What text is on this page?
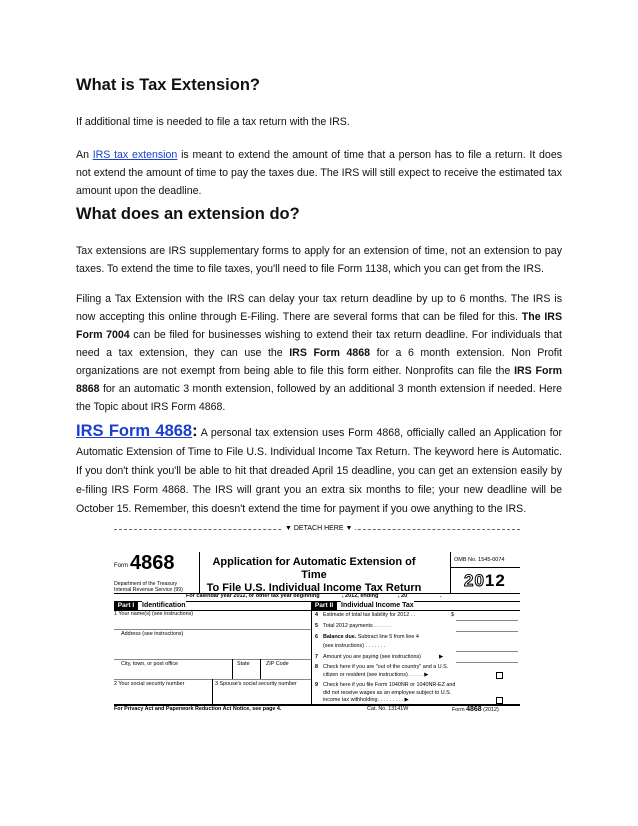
What is Tax Extension?

If additional time is needed to file a tax return with the IRS.

An IRS tax extension is meant to extend the amount of time that a person has to file a return. It does not extend the amount of time to pay the taxes due. The IRS will still expect to receive the estimated tax amount upon the deadline.

What does an extension do?

Tax extensions are IRS supplementary forms to apply for an extension of time, not an extension to pay taxes. To extend the time to file taxes, you'll need to file Form 1138, which you can get from the IRS.

Filing a Tax Extension with the IRS can delay your tax return deadline by up to 6 months. The IRS is now accepting this online through E-Filing. There are several forms that can be filed for this. The IRS Form 7004 can be filed for businesses wishing to extend their tax return deadline. For individuals that need a tax extension, they can use the IRS Form 4868 for a 6 month extension. Non Profit organizations are not exempt from being able to file this form either. Nonprofits can file the IRS Form 8868 for an automatic 3 month extension, followed by an additional 3 month extension if needed. Here the Topic about IRS Form 4868.

IRS Form 4868: A personal tax extension uses Form 4868, officially called an Application for Automatic Extension of Time to File U.S. Individual Income Tax Return. The keyword here is Automatic. If you don't think you'll be able to hit that dreaded April 15 deadline, you can get an extension easily by e-filing IRS Form 4868. The IRS will grant you an extra six months to file; your new deadline will be October 15. Remember, this doesn't extend the time for payment if you owe anything to the IRS.

▼ DETACH HERE ▼
Form 4868
Department of the Treasury
Internal Revenue Service (99)
Application for Automatic Extension of Time
To File U.S. Individual Income Tax Return
OMB No. 1545-0074
2012
For calendar year 2012, or other tax year beginning	, 2012, ending	, 20	.
Part I	Identification	Part II	Individual Income Tax
1 Your name(s) (see instructions)
Address (see instructions)
City, town, or post office	State	ZIP Code
2 Your social security number	3 Spouse's social security number
4 Estimate of total tax liability for 2012 . .	$
5 Total 2012 payments . . . . . .
6 Balance due. Subtract line 5 from line 4
(see instructions) . . . . . . .
7 Amount you are paying (see instructions)	▶
8 Check here if you are "out of the country" and a U.S.
citizen or resident (see instructions) . . . . . ▶
9 Check here if you file Form 1040NR or 1040NR-EZ and
did not receive wages as an employee subject to U.S.
income tax withholding. . . . . . . . . ▶
For Privacy Act and Paperwork Reduction Act Notice, see page 4.	Cat. No. 13141W	Form 4868 (2012)
